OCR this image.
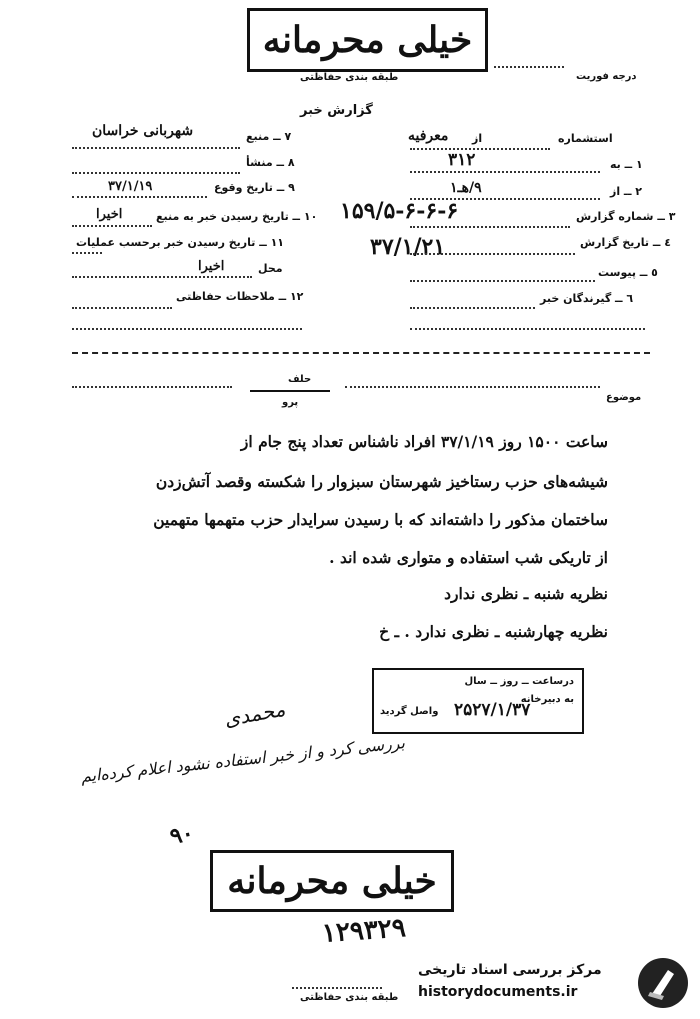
خیلی محرمانه
طبقه بندی حفاظتی	درجه فوریت
گزارش خبر
استشماره
از
معرفیه
۱ ــ به
۳۱۲
۲ ــ از
۹/هـ۱
۳ ــ شماره گزارش
۱۵۹/۵-۶-۶-۶
٤ ــ تاریخ گزارش
۳۷/۱/۲۱
٥ ــ پیوست
٦ ــ گیرندگان خبر
۷ ــ منبع
شهربانی خراسان
۸ ــ منشأ
۹ ــ تاریخ وقوع
۳۷/۱/۱۹
۱۰ ــ تاریخ رسیدن خبر به منبع
اخیرا
۱۱ ــ تاریخ رسیدن خبر برحسب عملیات
محل
اخیرا
۱۲ ــ ملاحظات حفاظتی
حلف
پرو	موضوع
ساعت ۱۵۰۰ روز ۳۷/۱/۱۹ افراد ناشناس تعداد پنج جام از
شیشه‌های حزب رستاخیز شهرستان سبزوار را شکسته وقصد آتش‌زدن
ساختمان مذکور را داشته‌اند که با رسیدن سرایدار حزب متهمها متهمین
از تاریکی شب استفاده و متواری شده اند .
نظریه شنبه ـ نظری ندارد
نظریه چهارشنبه ـ نظری ندارد . ـ خ
درساعت ــ روز ــ سال
به دبیرخانه
واصل گردید ۲۵۲۷/۱/۳۷
محمدی
بررسی کرد و از خبر استفاده نشود اعلام کرده‌ایم
۹۰
خیلی محرمانه
۱۲۹۳۲۹
طبقه بندی حفاظتی
مرکز بررسی اسناد تاریخی
historydocuments.ir
